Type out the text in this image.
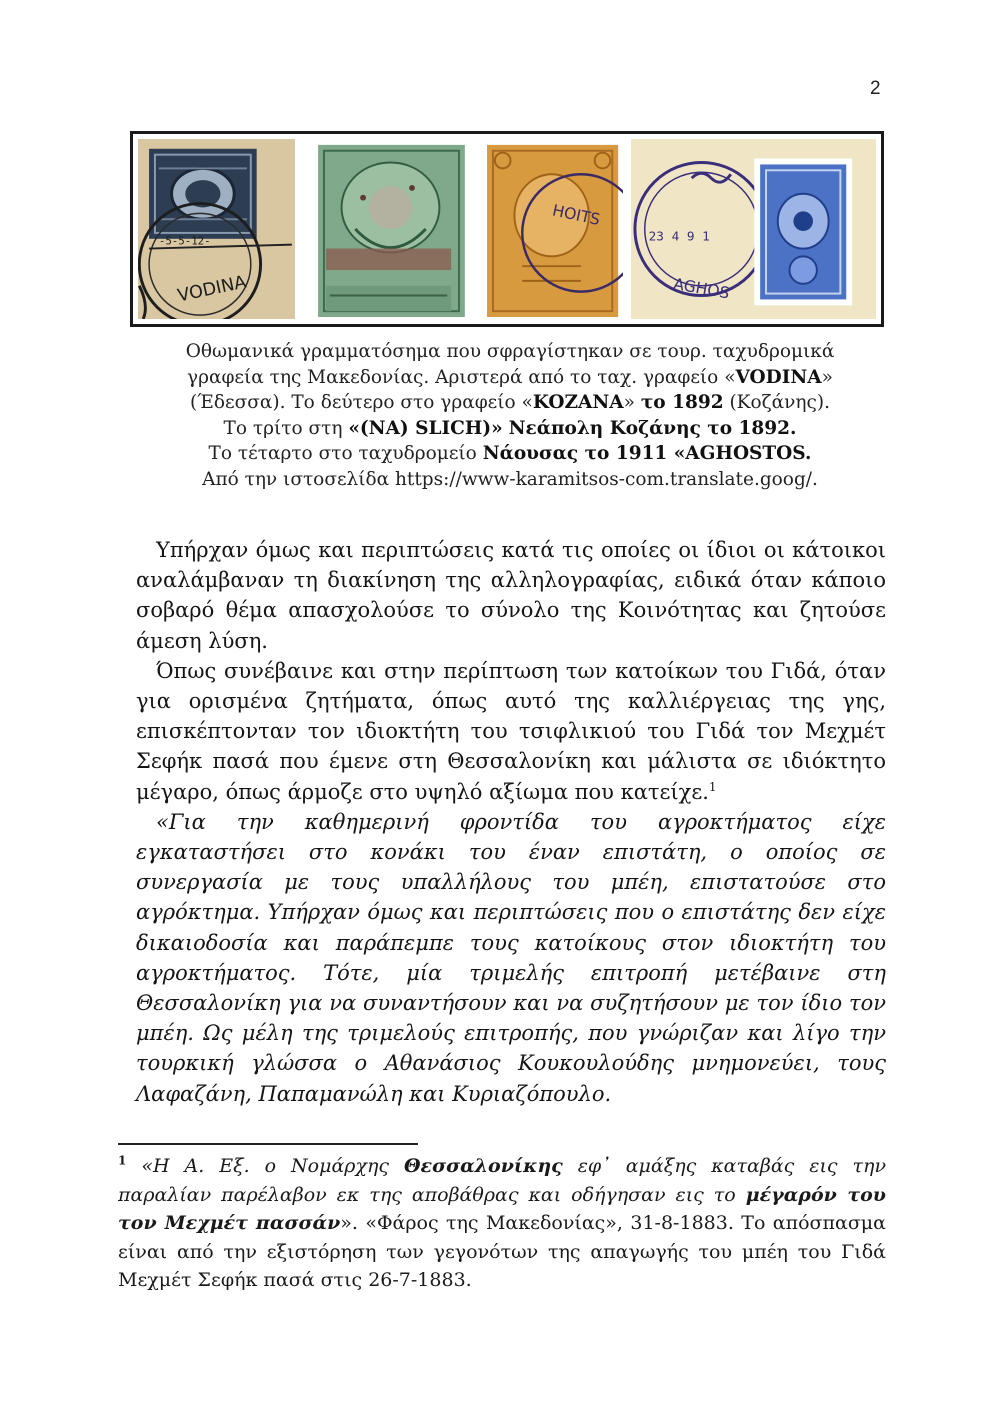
2
-5-5-12-
VODINA
HOITS
23 4 9 1
AGHOS
Οθωμανικά γραμματόσημα που σφραγίστηκαν σε τουρ. ταχυδρομικά
γραφεία της Μακεδονίας. Αριστερά από το ταχ. γραφείο «VODINA»
(Έδεσσα). Το δεύτερο στο γραφείο «KOZANA» το 1892 (Κοζάνης).
Το τρίτο στη «(NA) SLICH)» Νεάπολη Κοζάνης το 1892.
Το τέταρτο στο ταχυδρομείο Νάουσας το 1911 «AGHOSTOS.
Από την ιστοσελίδα https://www-karamitsos-com.translate.goog/.

Υπήρχαν όμως και περιπτώσεις κατά τις οποίες οι ίδιοι οι κάτοικοι αναλάμβαναν τη διακίνηση της αλληλογραφίας, ειδικά όταν κάποιο σοβαρό θέμα απασχολούσε το σύνολο της Κοινότητας και ζητούσε άμεση λύση.

Όπως συνέβαινε και στην περίπτωση των κατοίκων του Γιδά, όταν για ορισμένα ζητήματα, όπως αυτό της καλλιέργειας της γης, επισκέπτονταν τον ιδιοκτήτη του τσιφλικιού του Γιδά τον Μεχμέτ Σεφήκ πασά που έμενε στη Θεσσαλονίκη και μάλιστα σε ιδιόκτητο μέγαρο, όπως άρμοζε στο υψηλό αξίωμα που κατείχε.$^1$

«Για την καθημερινή φροντίδα του αγροκτήματος είχε εγκαταστήσει στο κονάκι του έναν επιστάτη, ο οποίος σε συνεργασία με τους υπαλλήλους του μπέη, επιστατούσε στο αγρόκτημα. Υπήρχαν όμως και περιπτώσεις που ο επιστάτης δεν είχε δικαιοδοσία και παράπεμπε τους κατοίκους στον ιδιοκτήτη του αγροκτήματος. Τότε, μία τριμελής επιτροπή μετέβαινε στη Θεσσαλονίκη για να συναντήσουν και να συζητήσουν με τον ίδιο τον μπέη. Ως μέλη της τριμελούς επιτροπής, που γνώριζαν και λίγο την τουρκική γλώσσα ο Αθανάσιος Κουκουλούδης μνημονεύει, τους Λαφαζάνη, Παπαμανώλη και Κυριαζόπουλο.

$^1$ «Η Α. Εξ. ο Νομάρχης Θεσσαλονίκης εφ᾽ αμάξης καταβάς εις την παραλίαν παρέλαβον εκ της αποβάθρας και οδήγησαν εις το μέγαρόν του τον Μεχμέτ πασσάν». «Φάρος της Μακεδονίας», 31-8-1883. Το απόσπασμα είναι από την εξιστόρηση των γεγονότων της απαγωγής του μπέη του Γιδά Μεχμέτ Σεφήκ πασά στις 26-7-1883.
